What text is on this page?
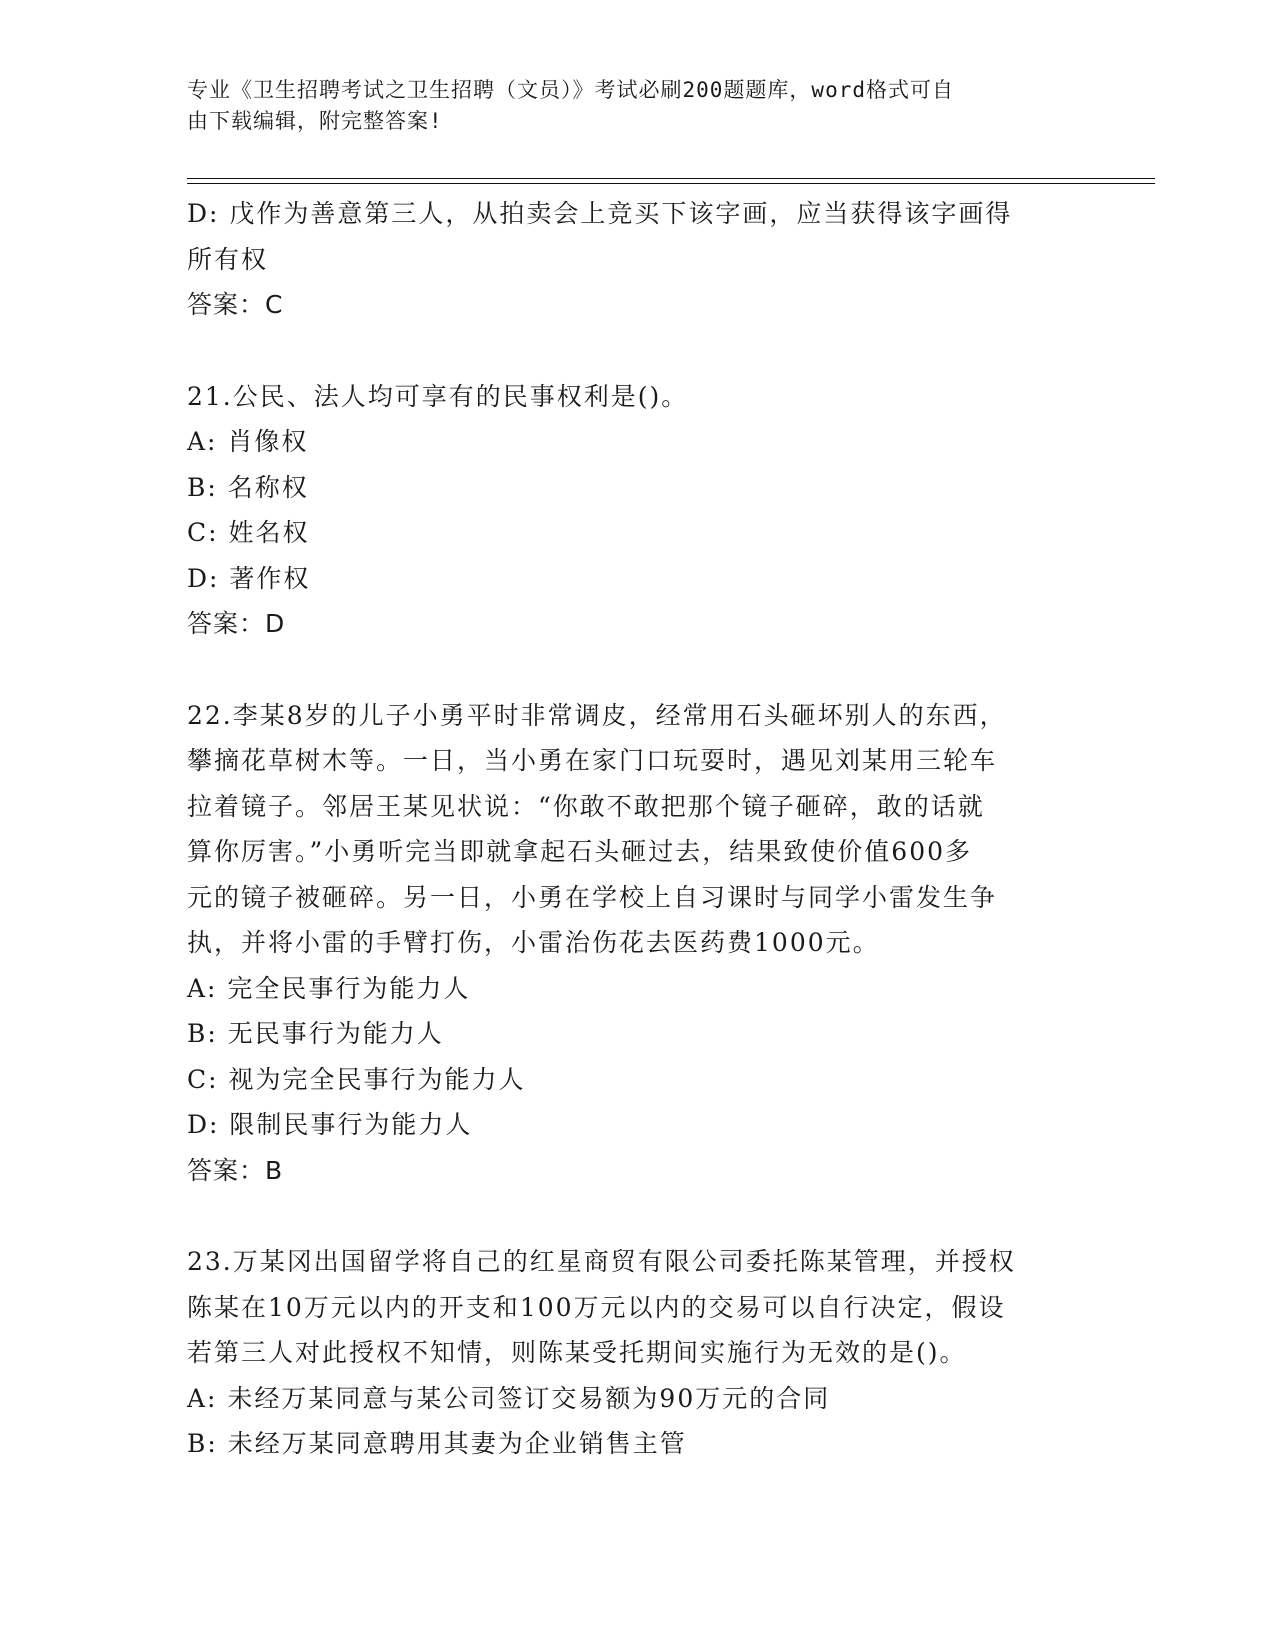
专业《卫生招聘考试之卫生招聘（文员）》考试必刷200题题库，word格式可自
由下载编辑，附完整答案!
D: 戊作为善意第三人，从拍卖会上竞买下该字画，应当获得该字画得
所有权
答案：C
21.公民、法人均可享有的民事权利是()。
A: 肖像权
B: 名称权
C: 姓名权
D: 著作权
答案：D
22.李某8岁的儿子小勇平时非常调皮，经常用石头砸坏别人的东西，
攀摘花草树木等。一日，当小勇在家门口玩耍时，遇见刘某用三轮车
拉着镜子。邻居王某见状说：“你敢不敢把那个镜子砸碎，敢的话就
算你厉害。”小勇听完当即就拿起石头砸过去，结果致使价值600多
元的镜子被砸碎。另一日，小勇在学校上自习课时与同学小雷发生争
执，并将小雷的手臂打伤，小雷治伤花去医药费1000元。
A: 完全民事行为能力人
B: 无民事行为能力人
C: 视为完全民事行为能力人
D: 限制民事行为能力人
答案：B
23.万某冈出国留学将自己的红星商贸有限公司委托陈某管理，并授权
陈某在10万元以内的开支和100万元以内的交易可以自行决定，假设
若第三人对此授权不知情，则陈某受托期间实施行为无效的是()。
A: 未经万某同意与某公司签订交易额为90万元的合同
B: 未经万某同意聘用其妻为企业销售主管
